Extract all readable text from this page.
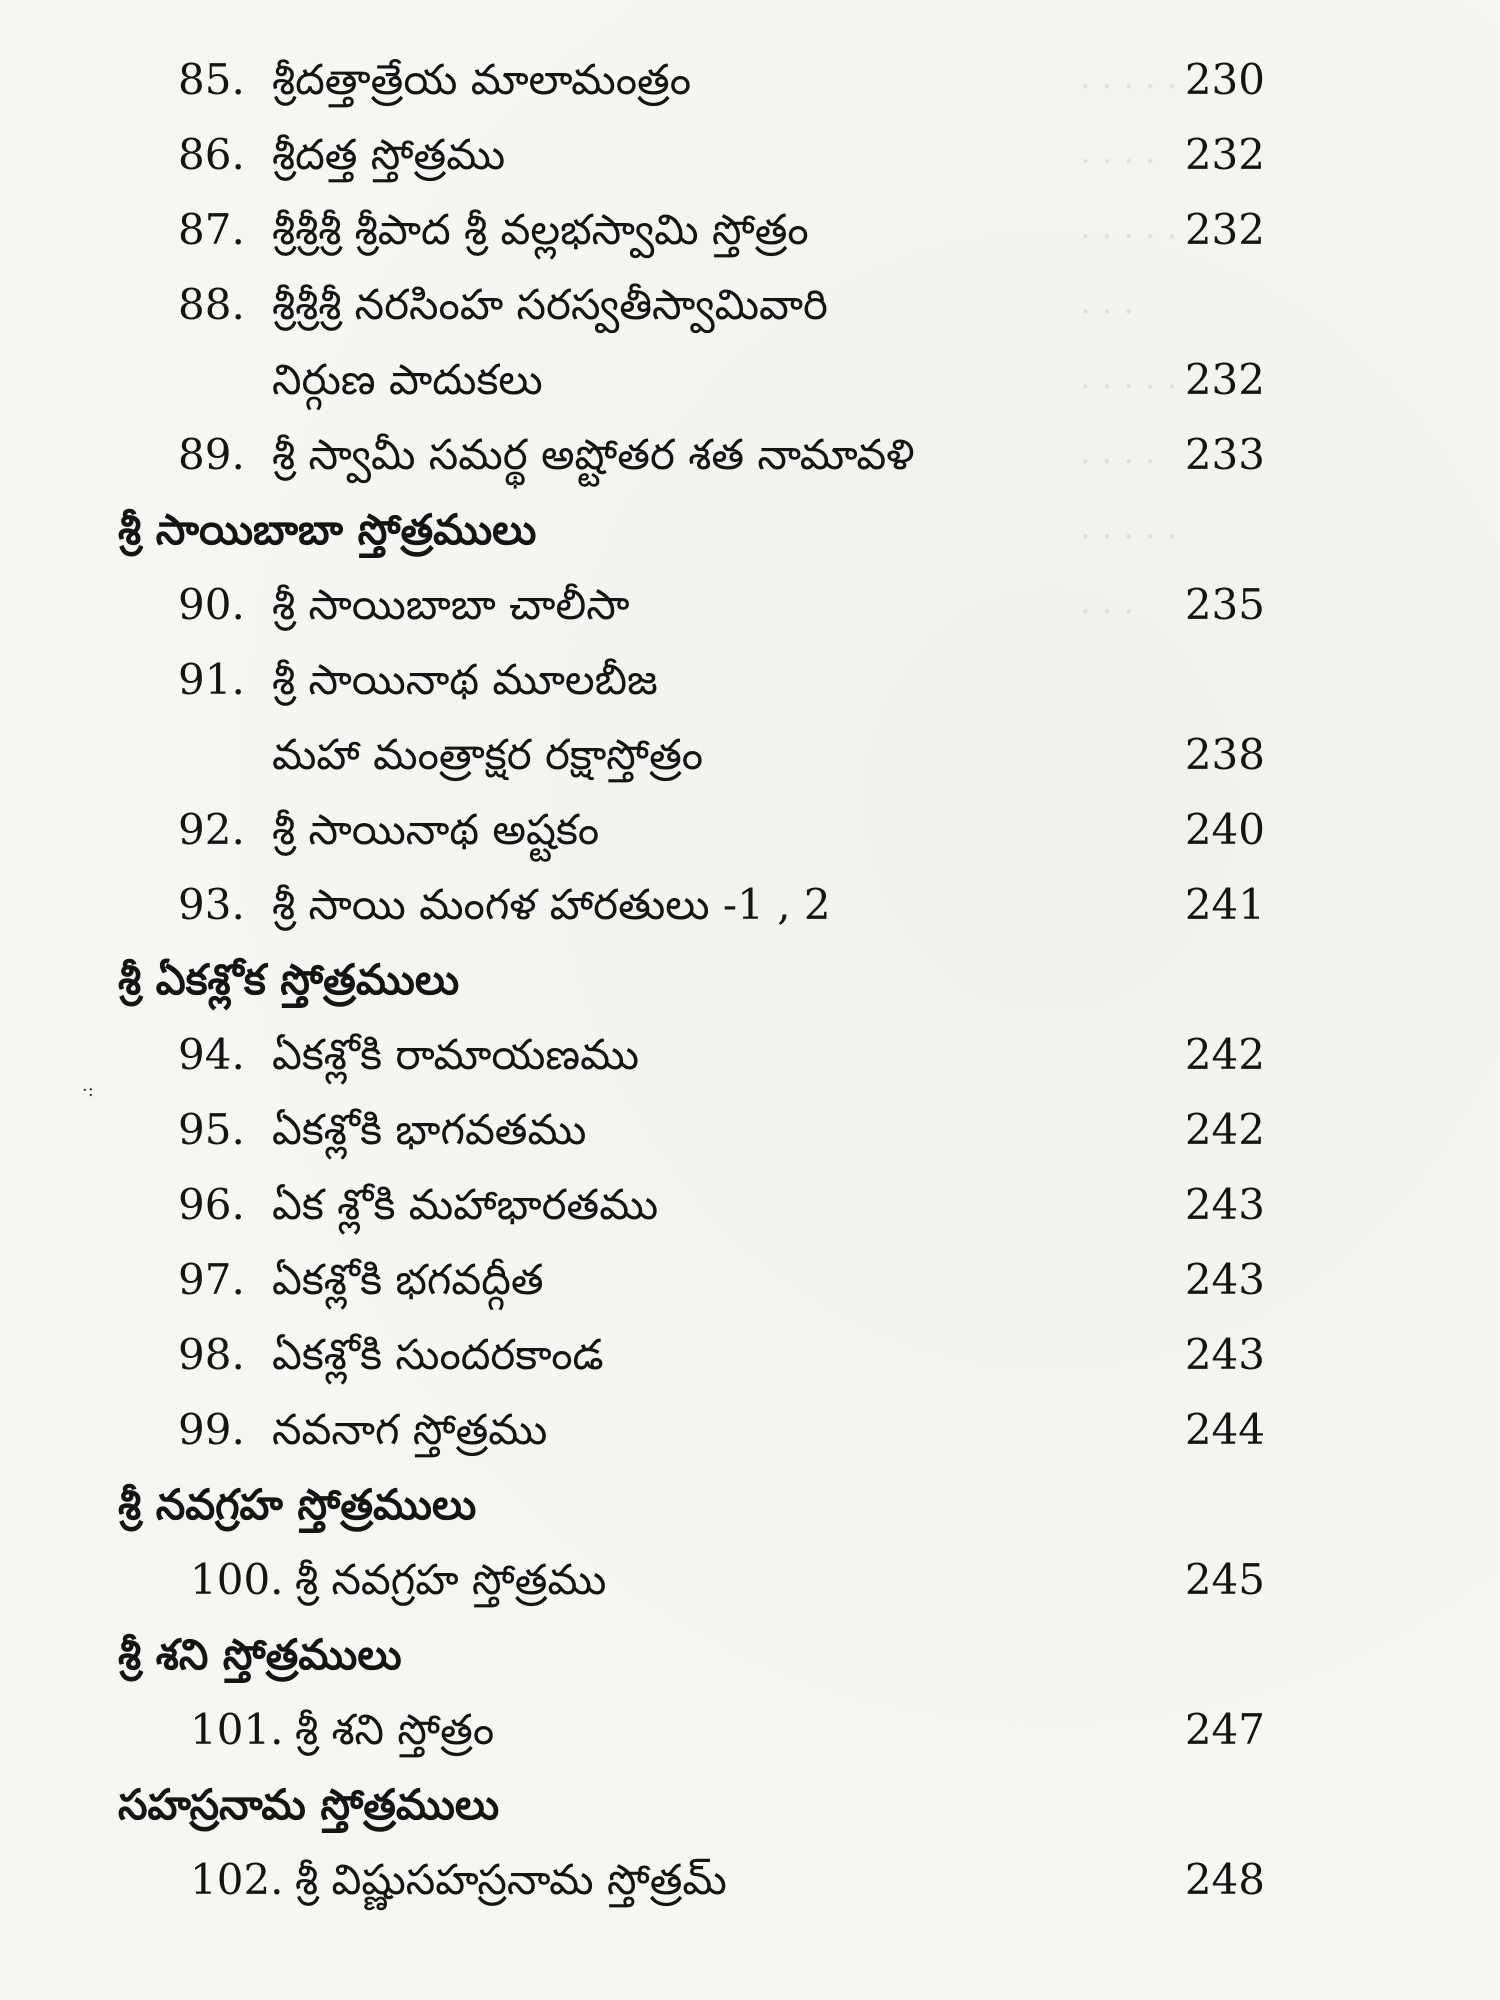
. . . . .
. . . .
. . . . .
. . .
. . . . .
. . . .
. . . . .
. . .
·:
85. శ్రీదత్తాత్రేయ మాలామంత్రం	230
86. శ్రీదత్త స్తోత్రము	232
87. శ్రీశ్రీశ్రీ శ్రీపాద శ్రీ వల్లభస్వామి స్తోత్రం	232
88. శ్రీశ్రీశ్రీ నరసింహ సరస్వతీస్వామివారి
నిర్గుణ పాదుకలు	232
89. శ్రీ స్వామీ సమర్థ అష్టోతర శత నామావళి	233
శ్రీ సాయిబాబా స్తోత్రములు
90. శ్రీ సాయిబాబా చాలీసా	235
91. శ్రీ సాయినాథ మూలబీజ
మహా మంత్రాక్షర రక్షాస్తోత్రం	238
92. శ్రీ సాయినాథ అష్టకం	240
93. శ్రీ సాయి మంగళ హారతులు -1 , 2	241
శ్రీ ఏకశ్లోక స్తోత్రములు
94. ఏకశ్లోకి రామాయణము	242
95. ఏకశ్లోకి భాగవతము	242
96. ఏక శ్లోకి మహాభారతము	243
97. ఏకశ్లోకి భగవద్గీత	243
98. ఏకశ్లోకి సుందరకాండ	243
99. నవనాగ స్తోత్రము	244
శ్రీ నవగ్రహ స్తోత్రములు
100. శ్రీ నవగ్రహ స్తోత్రము	245
శ్రీ శని స్తోత్రములు
101. శ్రీ శని స్తోత్రం	247
సహస్రనామ స్తోత్రములు
102. శ్రీ విష్ణుసహస్రనామ స్తోత్రమ్	248
